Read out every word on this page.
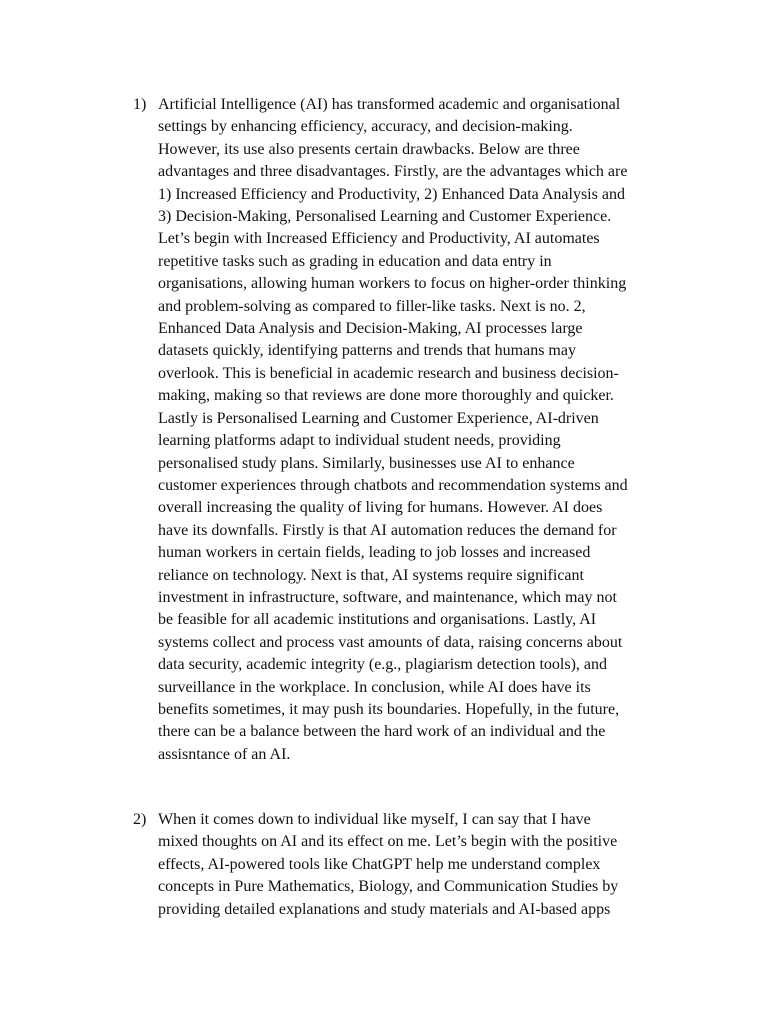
1) Artificial Intelligence (AI) has transformed academic and organisational
settings by enhancing efficiency, accuracy, and decision-making.
However, its use also presents certain drawbacks. Below are three
advantages and three disadvantages. Firstly, are the advantages which are
1) Increased Efficiency and Productivity, 2) Enhanced Data Analysis and
3) Decision-Making, Personalised Learning and Customer Experience.
Let’s begin with Increased Efficiency and Productivity, AI automates
repetitive tasks such as grading in education and data entry in
organisations, allowing human workers to focus on higher-order thinking
and problem-solving as compared to filler-like tasks. Next is no. 2,
Enhanced Data Analysis and Decision-Making, AI processes large
datasets quickly, identifying patterns and trends that humans may
overlook. This is beneficial in academic research and business decision-
making, making so that reviews are done more thoroughly and quicker.
Lastly is Personalised Learning and Customer Experience, AI-driven
learning platforms adapt to individual student needs, providing
personalised study plans. Similarly, businesses use AI to enhance
customer experiences through chatbots and recommendation systems and
overall increasing the quality of living for humans. However. AI does
have its downfalls. Firstly is that AI automation reduces the demand for
human workers in certain fields, leading to job losses and increased
reliance on technology. Next is that, AI systems require significant
investment in infrastructure, software, and maintenance, which may not
be feasible for all academic institutions and organisations. Lastly, AI
systems collect and process vast amounts of data, raising concerns about
data security, academic integrity (e.g., plagiarism detection tools), and
surveillance in the workplace. In conclusion, while AI does have its
benefits sometimes, it may push its boundaries. Hopefully, in the future,
there can be a balance between the hard work of an individual and the
assisntance of an AI.
2) When it comes down to individual like myself, I can say that I have
mixed thoughts on AI and its effect on me. Let’s begin with the positive
effects, AI-powered tools like ChatGPT help me understand complex
concepts in Pure Mathematics, Biology, and Communication Studies by
providing detailed explanations and study materials and AI-based apps
